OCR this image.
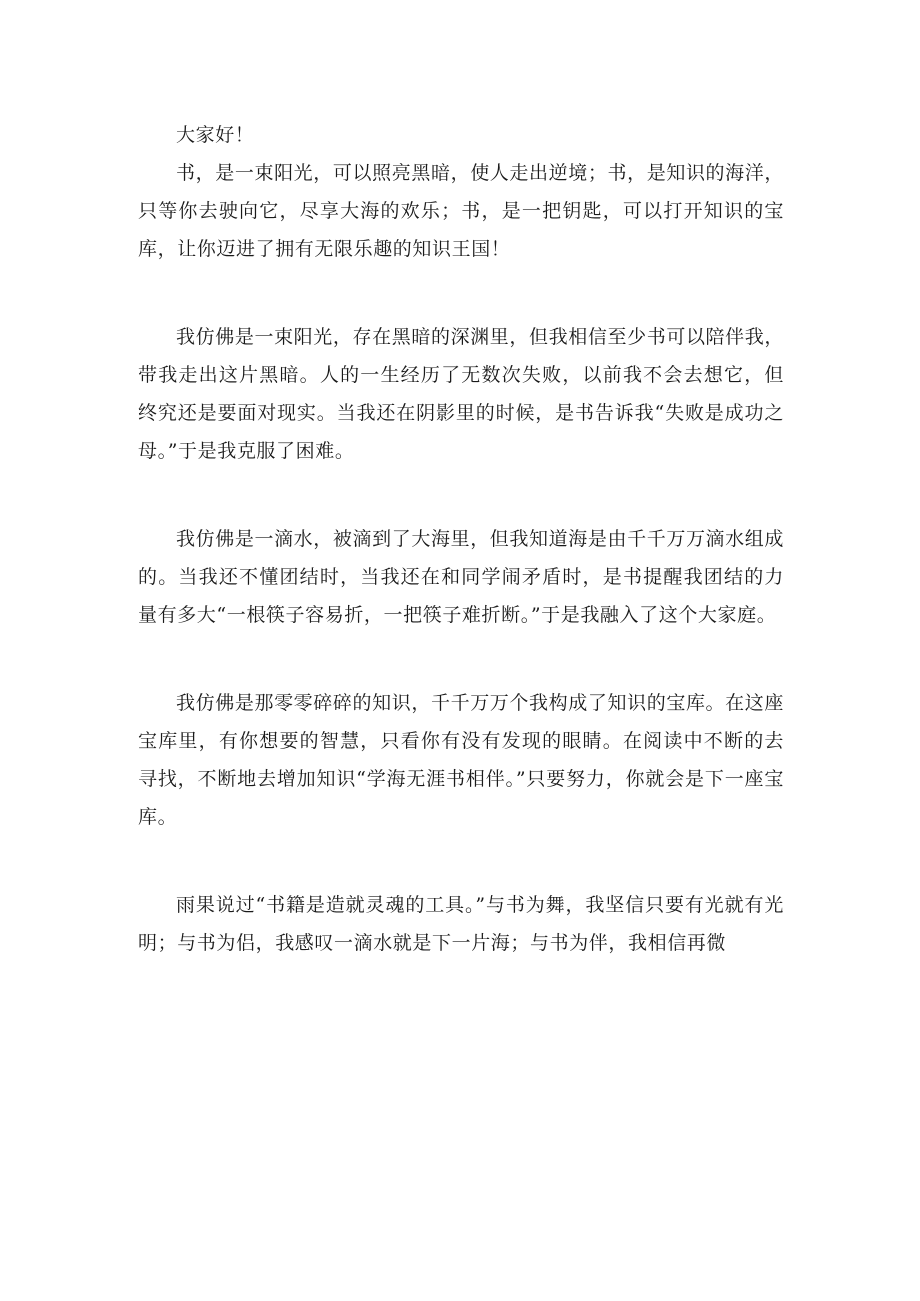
大家好！

书，是一束阳光，可以照亮黑暗，使人走出逆境；书，是知识的海洋，只等你去驶向它，尽享大海的欢乐；书，是一把钥匙，可以打开知识的宝库，让你迈进了拥有无限乐趣的知识王国！

我仿佛是一束阳光，存在黑暗的深渊里，但我相信至少书可以陪伴我，带我走出这片黑暗。人的一生经历了无数次失败，以前我不会去想它，但终究还是要面对现实。当我还在阴影里的时候，是书告诉我“失败是成功之母。”于是我克服了困难。

我仿佛是一滴水，被滴到了大海里，但我知道海是由千千万万滴水组成的。当我还不懂团结时，当我还在和同学闹矛盾时，是书提醒我团结的力量有多大“一根筷子容易折，一把筷子难折断。”于是我融入了这个大家庭。

我仿佛是那零零碎碎的知识，千千万万个我构成了知识的宝库。在这座宝库里，有你想要的智慧，只看你有没有发现的眼睛。在阅读中不断的去寻找，不断地去增加知识“学海无涯书相伴。”只要努力，你就会是下一座宝库。

雨果说过“书籍是造就灵魂的工具。”与书为舞，我坚信只要有光就有光明；与书为侣，我感叹一滴水就是下一片海；与书为伴，我相信再微
